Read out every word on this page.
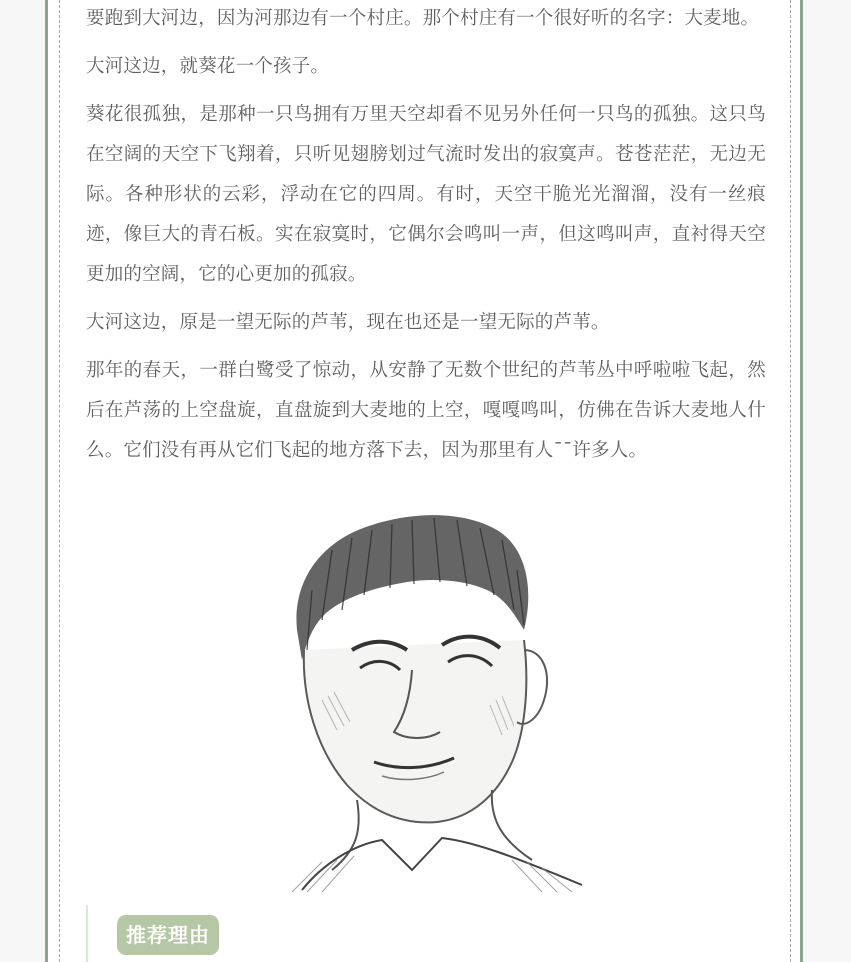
要跑到大河边，因为河那边有一个村庄。那个村庄有一个很好听的名字：大麦地。

大河这边，就葵花一个孩子。

葵花很孤独，是那种一只鸟拥有万里天空却看不见另外任何一只鸟的孤独。这只鸟在空阔的天空下飞翔着，只听见翅膀划过气流时发出的寂寞声。苍苍茫茫，无边无际。各种形状的云彩，浮动在它的四周。有时，天空干脆光光溜溜，没有一丝痕迹，像巨大的青石板。实在寂寞时，它偶尔会鸣叫一声，但这鸣叫声，直衬得天空更加的空阔，它的心更加的孤寂。

大河这边，原是一望无际的芦苇，现在也还是一望无际的芦苇。

那年的春天，一群白鹭受了惊动，从安静了无数个世纪的芦苇丛中呼啦啦飞起，然后在芦荡的上空盘旋，直盘旋到大麦地的上空，嘎嘎鸣叫，仿佛在告诉大麦地人什么。它们没有再从它们飞起的地方落下去，因为那里有人¯¯许多人。

推荐理由
